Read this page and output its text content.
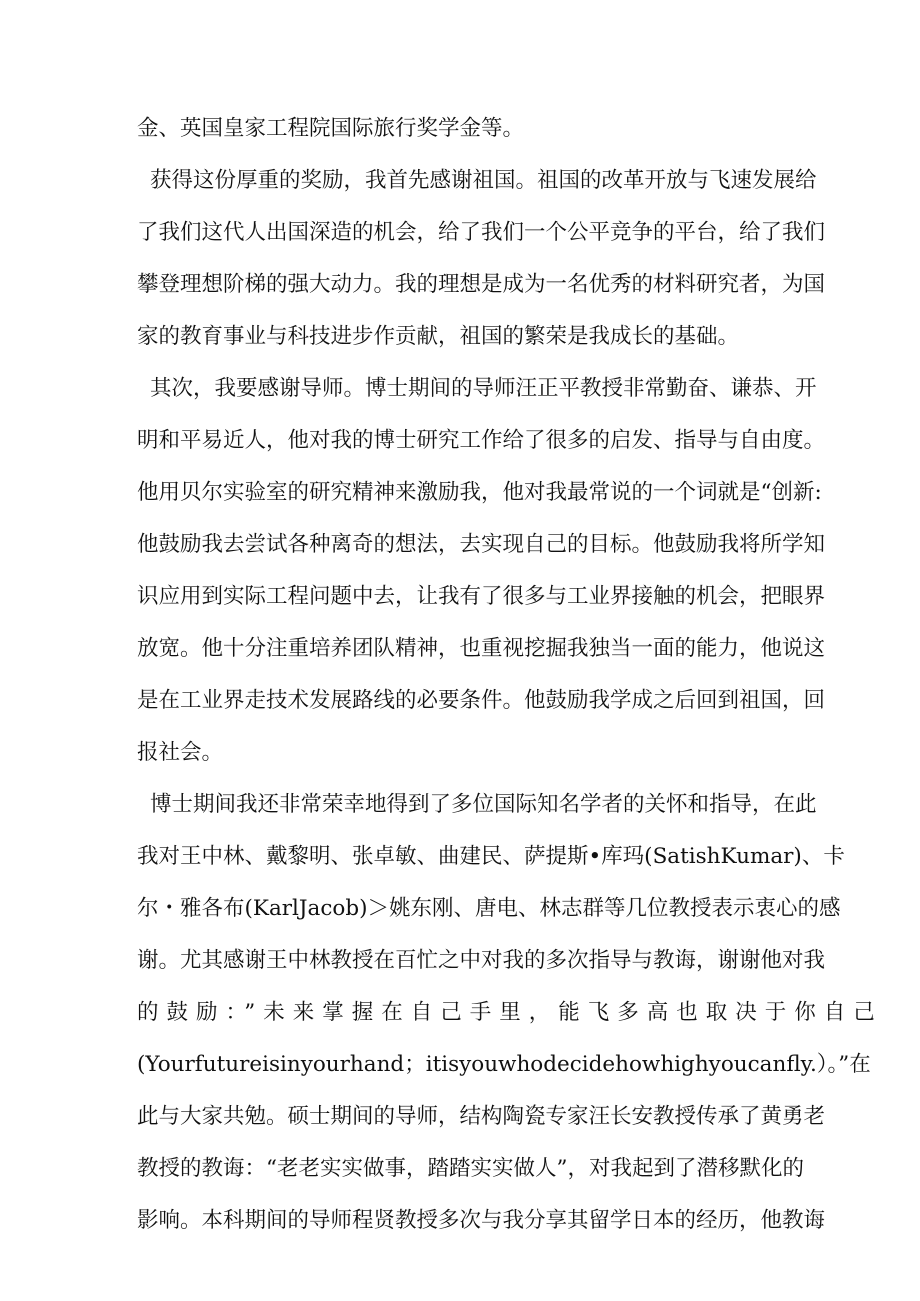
金、英国皇家工程院国际旅行奖学金等。
获得这份厚重的奖励，我首先感谢祖国。祖国的改革开放与飞速发展给
了我们这代人出国深造的机会，给了我们一个公平竞争的平台，给了我们
攀登理想阶梯的强大动力。我的理想是成为一名优秀的材料研究者，为国
家的教育事业与科技进步作贡献，祖国的繁荣是我成长的基础。
其次，我要感谢导师。博士期间的导师汪正平教授非常勤奋、谦恭、开
明和平易近人，他对我的博士研究工作给了很多的启发、指导与自由度。
他用贝尔实验室的研究精神来激励我，他对我最常说的一个词就是“创新:
他鼓励我去尝试各种离奇的想法，去实现自己的目标。他鼓励我将所学知
识应用到实际工程问题中去，让我有了很多与工业界接触的机会，把眼界
放宽。他十分注重培养团队精神，也重视挖掘我独当一面的能力，他说这
是在工业界走技术发展路线的必要条件。他鼓励我学成之后回到祖国，回
报社会。
博士期间我还非常荣幸地得到了多位国际知名学者的关怀和指导，在此
我对王中林、戴黎明、张卓敏、曲建民、萨提斯•库玛(SatishKumar)、卡
尔・雅各布(KarlJacob)＞姚东刚、唐电、林志群等几位教授表示衷心的感
谢。尤其感谢王中林教授在百忙之中对我的多次指导与教诲，谢谢他对我
的鼓励：”未来掌握在自己手里，能飞多高也取决于你自己
(Yourfutureisinyourhand；itisyouwhodecidehowhighyoucanfly.）。”在
此与大家共勉。硕士期间的导师，结构陶瓷专家汪长安教授传承了黄勇老
教授的教诲：“老老实实做事，踏踏实实做人”，对我起到了潜移默化的
影响。本科期间的导师程贤教授多次与我分享其留学日本的经历，他教诲
